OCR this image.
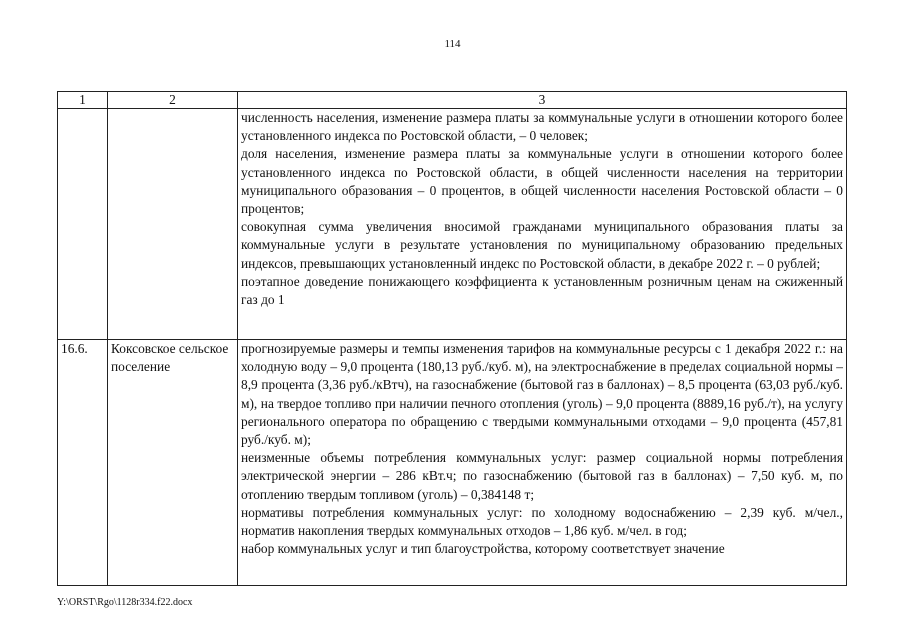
114
1	2	3

		численность населения, изменение размера платы за коммунальные услуги в отношении которого более установленного индекса по Ростовской области, – 0 человек;

доля населения, изменение размера платы за коммунальные услуги в отношении которого более установленного индекса по Ростовской области, в общей численности населения на территории муниципального образования – 0 процентов, в общей численности населения Ростовской области – 0 процентов;

совокупная сумма увеличения вносимой гражданами муниципального образования платы за коммунальные услуги в результате установления по муниципальному образованию предельных индексов, превышающих установленный индекс по Ростовской области, в декабре 2022 г. – 0 рублей;

поэтапное доведение понижающего коэффициента к установленным розничным ценам на сжиженный газ до 1

16.6.	Коксовское сельское поселение	прогнозируемые размеры и темпы изменения тарифов на коммунальные ресурсы с 1 декабря 2022 г.: на холодную воду – 9,0 процента (180,13 руб./куб. м), на электроснабжение в пределах социальной нормы – 8,9 процента (3,36 руб./кВтч), на газоснабжение (бытовой газ в баллонах) – 8,5 процента (63,03 руб./куб. м), на твердое топливо при наличии печного отопления (уголь) – 9,0 процента (8889,16 руб./т), на услугу регионального оператора по обращению с твердыми коммунальными отходами – 9,0 процента (457,81 руб./куб. м);

неизменные объемы потребления коммунальных услуг: размер социальной нормы потребления электрической энергии – 286 кВт.ч; по газоснабжению (бытовой газ в баллонах) – 7,50 куб. м, по отоплению твердым топливом (уголь) – 0,384148 т;

нормативы потребления коммунальных услуг: по холодному водоснабжению – 2,39 куб. м/чел., норматив накопления твердых коммунальных отходов – 1,86 куб. м/чел. в год;

набор коммунальных услуг и тип благоустройства, которому соответствует значение

Y:\ORST\Rgo\1128r334.f22.docx
